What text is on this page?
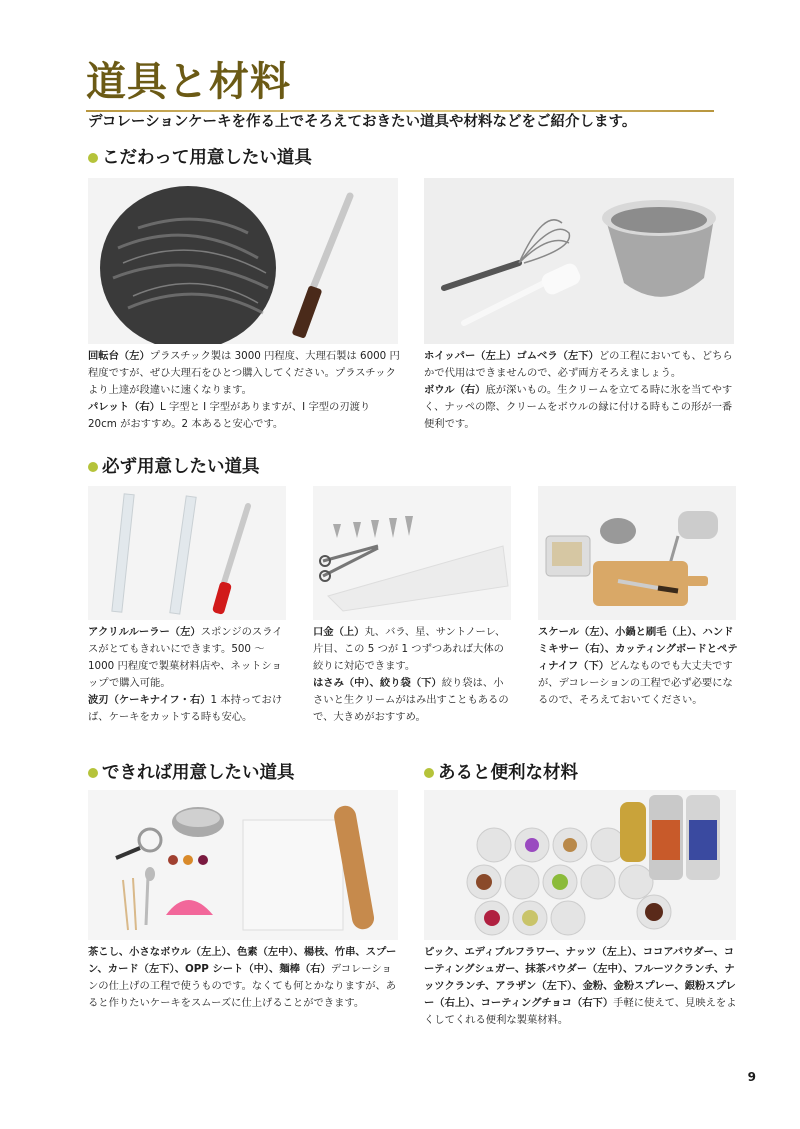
道具と材料
デコレーションケーキを作る上でそろえておきたい道具や材料などをご紹介します。
こだわって用意したい道具
回転台（左）プラスチック製は 3000 円程度、大理石製は 6000 円程度ですが、ぜひ大理石をひとつ購入してください。プラスチックより上達が段違いに速くなります。
パレット（右）L 字型と I 字型がありますが、I 字型の刃渡り 20cm がおすすめ。2 本あると安心です。
ホイッパー（左上）ゴムベラ（左下）どの工程においても、どちらかで代用はできませんので、必ず両方そろえましょう。
ボウル（右）底が深いもの。生クリームを立てる時に氷を当てやすく、ナッペの際、クリームをボウルの縁に付ける時もこの形が一番便利です。
必ず用意したい道具
アクリルルーラー（左）スポンジのスライスがとてもきれいにできます。500 〜 1000 円程度で製菓材料店や、ネットショップで購入可能。
波刃（ケーキナイフ・右）1 本持っておけば、ケーキをカットする時も安心。
口金（上）丸、バラ、星、サントノーレ、片目、この 5 つが 1 つずつあれば大体の絞りに対応できます。
はさみ（中）、絞り袋（下）絞り袋は、小さいと生クリームがはみ出すこともあるので、大きめがおすすめ。
スケール（左）、小鍋と刷毛（上）、ハンドミキサー（右）、カッティングボードとペティナイフ（下）どんなものでも大丈夫ですが、デコレーションの工程で必ず必要になるので、そろえておいてください。
できれば用意したい道具
茶こし、小さなボウル（左上）、色素（左中）、楊枝、竹串、スプーン、カード（左下）、OPP シート（中）、麺棒（右）デコレーションの仕上げの工程で使うものです。なくても何とかなりますが、あると作りたいケーキをスムーズに仕上げることができます。
あると便利な材料
ピック、エディブルフラワー、ナッツ（左上）、ココアパウダー、コーティングシュガー、抹茶パウダー（左中）、フルーツクランチ、ナッツクランチ、アラザン（左下）、金粉、金粉スプレー、銀粉スプレー（右上）、コーティングチョコ（右下）手軽に使えて、見映えをよくしてくれる便利な製菓材料。
9
